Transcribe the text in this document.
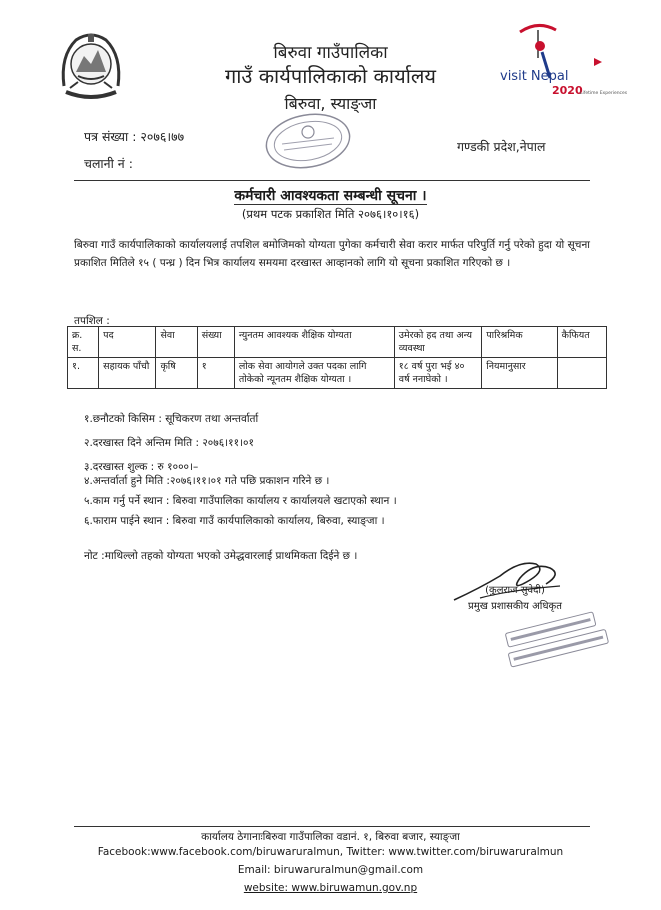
बिरुवा गाउँपालिका
गाउँ कार्यपालिकाको कार्यालय
बिरुवा, स्याङ्जा
visit Nepal
2020
Lifetime Experiences
पत्र संख्या : २०७६।७७
चलानी नं :
गण्डकी प्रदेश,नेपाल
कर्मचारी आवश्यकता सम्बन्धी सूचना ।
(प्रथम पटक प्रकाशित मिति २०७६।१०।१६)
बिरुवा गाउँ कार्यपालिकाको कार्यालयलाई तपशिल बमोजिमको योग्यता पुगेका कर्मचारी सेवा करार मार्फत परिपुर्ति गर्नु परेको हुदा यो सूचना प्रकाशित मितिले १५ ( पन्ध्र ) दिन भित्र कार्यालय समयमा दरखास्त आव्हानको लागि यो सूचना प्रकाशित गरिएको छ ।
तपशिल :
क्र. स.	पद	सेवा	संख्या	न्युनतम आवश्यक शैक्षिक योग्यता	उमेरको हद तथा अन्य व्यवस्था	पारिश्रमिक	कैफियत
१.	सहायक पाँचौ	कृषि	१	लोक सेवा आयोगले उक्त पदका लागि तोकेको न्यूनतम शैक्षिक योग्यता ।	१८ वर्ष पुरा भई ४० वर्ष ननाघेको ।	नियमानुसार	
१.छनौटको किसिम : सूचिकरण तथा अन्तर्वार्ता
२.दरखास्त दिने अन्तिम मिति : २०७६।११।०१
३.दरखास्त शुल्क : रु १०००।–
४.अन्तर्वार्ता हुने मिति :२०७६।११।०१ गते पछि प्रकाशन गरिने छ ।
५.काम गर्नु पर्ने स्थान : बिरुवा गाउँपालिका कार्यालय र कार्यालयले खटाएको स्थान ।
६.फाराम पाईने स्थान : बिरुवा गाउँ कार्यपालिकाको कार्यालय, बिरुवा, स्याङ्जा ।
नोट :माथिल्लो तहको योग्यता भएको उमेद्धवारलाई प्राथमिकता दिईने छ ।
(कुलराज सुवेदी)
प्रमुख प्रशासकीय अधिकृत
कार्यालय ठेगानाःबिरुवा गाउँपालिका वडानं. १, बिरुवा बजार, स्याङ्जा
Facebook:www.facebook.com/biruwaruralmun, Twitter: www.twitter.com/biruwaruralmun
Email: biruwaruralmun@gmail.com
website: www.biruwamun.gov.np
